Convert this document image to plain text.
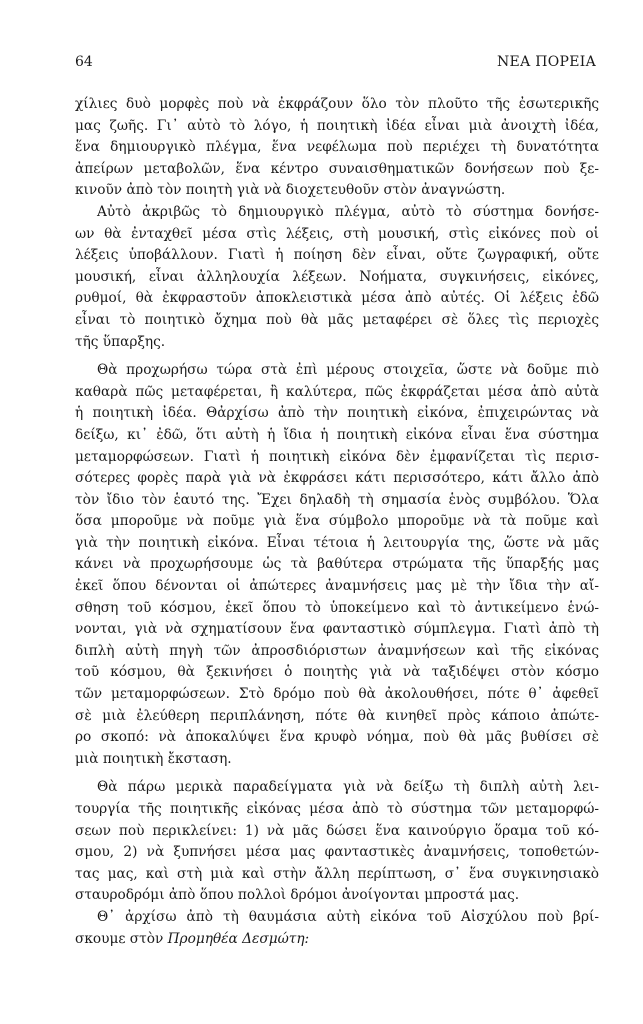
64	ΝΕΑ ΠΟΡΕΙΑ
χίλιες δυὸ μορφὲς ποὺ νὰ ἐκφράζουν ὅλο τὸν πλοῦτο τῆς ἐσωτερικῆς
μας ζωῆς. Γι᾽ αὐτὸ τὸ λόγο, ἡ ποιητικὴ ἰδέα εἶναι μιὰ ἀνοιχτὴ ἰδέα,
ἕνα δημιουργικὸ πλέγμα, ἕνα νεφέλωμα ποὺ περιέχει τὴ δυνατότητα
ἀπείρων μεταβολῶν, ἕνα κέντρο συναισθηματικῶν δονήσεων ποὺ ξε-
κινοῦν ἀπὸ τὸν ποιητὴ γιὰ νὰ διοχετευθοῦν στὸν ἀναγνώστη.
Αὐτὸ ἀκριβῶς τὸ δημιουργικὸ πλέγμα, αὐτὸ τὸ σύστημα δονήσε-
ων θὰ ἐνταχθεῖ μέσα στὶς λέξεις, στὴ μουσική, στὶς εἰκόνες ποὺ οἱ
λέξεις ὑποβάλλουν. Γιατὶ ἡ ποίηση δὲν εἶναι, οὔτε ζωγραφική, οὔτε
μουσική, εἶναι ἀλληλουχία λέξεων. Νοήματα, συγκινήσεις, εἰκόνες,
ρυθμοί, θὰ ἐκφραστοῦν ἀποκλειστικὰ μέσα ἀπὸ αὐτές. Οἱ λέξεις ἐδῶ
εἶναι τὸ ποιητικὸ ὄχημα ποὺ θὰ μᾶς μεταφέρει σὲ ὅλες τὶς περιοχὲς
τῆς ὕπαρξης.
Θὰ προχωρήσω τώρα στὰ ἐπὶ μέρους στοιχεῖα, ὥστε νὰ δοῦμε πιὸ
καθαρὰ πῶς μεταφέρεται, ἢ καλύτερα, πῶς ἐκφράζεται μέσα ἀπὸ αὐτὰ
ἡ ποιητικὴ ἰδέα. Θἀρχίσω ἀπὸ τὴν ποιητικὴ εἰκόνα, ἐπιχειρώντας νὰ
δείξω, κι᾽ ἐδῶ, ὅτι αὐτὴ ἡ ἴδια ἡ ποιητικὴ εἰκόνα εἶναι ἕνα σύστημα
μεταμορφώσεων. Γιατὶ ἡ ποιητικὴ εἰκόνα δὲν ἐμφανίζεται τὶς περισ-
σότερες φορὲς παρὰ γιὰ νὰ ἐκφράσει κάτι περισσότερο, κάτι ἄλλο ἀπὸ
τὸν ἴδιο τὸν ἑαυτό της. Ἔχει δηλαδὴ τὴ σημασία ἑνὸς συμβόλου. Ὅλα
ὅσα μποροῦμε νὰ ποῦμε γιὰ ἕνα σύμβολο μποροῦμε νὰ τὰ ποῦμε καὶ
γιὰ τὴν ποιητικὴ εἰκόνα. Εἶναι τέτοια ἡ λειτουργία της, ὥστε νὰ μᾶς
κάνει νὰ προχωρήσουμε ὡς τὰ βαθύτερα στρώματα τῆς ὕπαρξής μας
ἐκεῖ ὅπου δένονται οἱ ἀπώτερες ἀναμνήσεις μας μὲ τὴν ἴδια τὴν αἴ-
σθηση τοῦ κόσμου, ἐκεῖ ὅπου τὸ ὑποκείμενο καὶ τὸ ἀντικείμενο ἑνώ-
νονται, γιὰ νὰ σχηματίσουν ἕνα φανταστικὸ σύμπλεγμα. Γιατὶ ἀπὸ τὴ
διπλὴ αὐτὴ πηγὴ τῶν ἀπροσδιόριστων ἀναμνήσεων καὶ τῆς εἰκόνας
τοῦ κόσμου, θὰ ξεκινήσει ὁ ποιητὴς γιὰ νὰ ταξιδέψει στὸν κόσμο
τῶν μεταμορφώσεων. Στὸ δρόμο ποὺ θὰ ἀκολουθήσει, πότε θ᾽ ἀφεθεῖ
σὲ μιὰ ἐλεύθερη περιπλάνηση, πότε θὰ κινηθεῖ πρὸς κάποιο ἀπώτε-
ρο σκοπό: νὰ ἀποκαλύψει ἕνα κρυφὸ νόημα, ποὺ θὰ μᾶς βυθίσει σὲ
μιὰ ποιητικὴ ἔκσταση.
Θὰ πάρω μερικὰ παραδείγματα γιὰ νὰ δείξω τὴ διπλὴ αὐτὴ λει-
τουργία τῆς ποιητικῆς εἰκόνας μέσα ἀπὸ τὸ σύστημα τῶν μεταμορφώ-
σεων ποὺ περικλείνει: 1) νὰ μᾶς δώσει ἕνα καινούργιο ὅραμα τοῦ κό-
σμου, 2) νὰ ξυπνήσει μέσα μας φανταστικὲς ἀναμνήσεις, τοποθετών-
τας μας, καὶ στὴ μιὰ καὶ στὴν ἄλλη περίπτωση, σ᾽ ἕνα συγκινησιακὸ
σταυροδρόμι ἀπὸ ὅπου πολλοὶ δρόμοι ἀνοίγονται μπροστά μας.
Θ᾽ ἀρχίσω ἀπὸ τὴ θαυμάσια αὐτὴ εἰκόνα τοῦ Αἰσχύλου ποὺ βρί-
σκουμε στὸν Προμηθέα Δεσμώτη:
